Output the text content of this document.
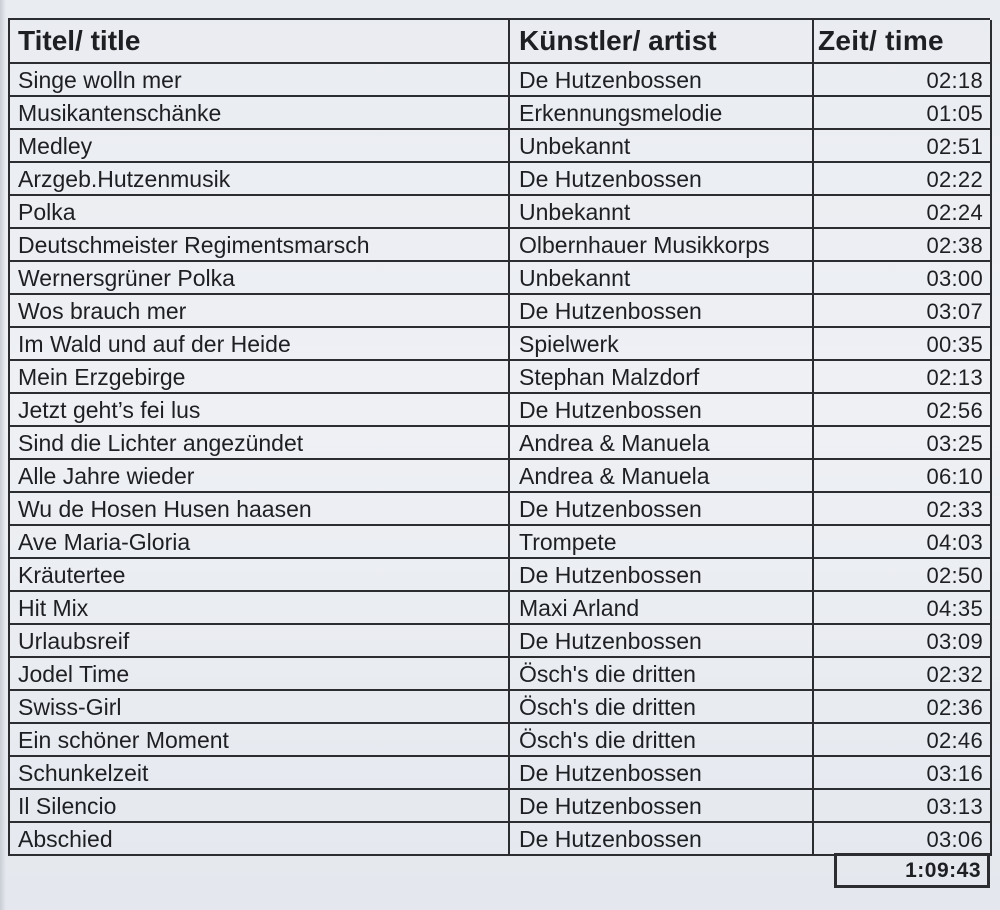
Titel/ title	Künstler/ artist	Zeit/ time
Singe wolln mer	De Hutzenbossen	02:18
Musikantenschänke	Erkennungsmelodie	01:05
Medley	Unbekannt	02:51
Arzgeb.Hutzenmusik	De Hutzenbossen	02:22
Polka	Unbekannt	02:24
Deutschmeister Regimentsmarsch	Olbernhauer Musikkorps	02:38
Wernersgrüner Polka	Unbekannt	03:00
Wos brauch mer	De Hutzenbossen	03:07
Im Wald und auf der Heide	Spielwerk	00:35
Mein Erzgebirge	Stephan Malzdorf	02:13
Jetzt geht’s fei lus	De Hutzenbossen	02:56
Sind die Lichter angezündet	Andrea & Manuela	03:25
Alle Jahre wieder	Andrea & Manuela	06:10
Wu de Hosen Husen haasen	De Hutzenbossen	02:33
Ave Maria-Gloria	Trompete	04:03
Kräutertee	De Hutzenbossen	02:50
Hit Mix	Maxi Arland	04:35
Urlaubsreif	De Hutzenbossen	03:09
Jodel Time	Ösch's die dritten	02:32
Swiss-Girl	Ösch's die dritten	02:36
Ein schöner Moment	Ösch's die dritten	02:46
Schunkelzeit	De Hutzenbossen	03:16
Il Silencio	De Hutzenbossen	03:13
Abschied	De Hutzenbossen	03:06
1:09:43
